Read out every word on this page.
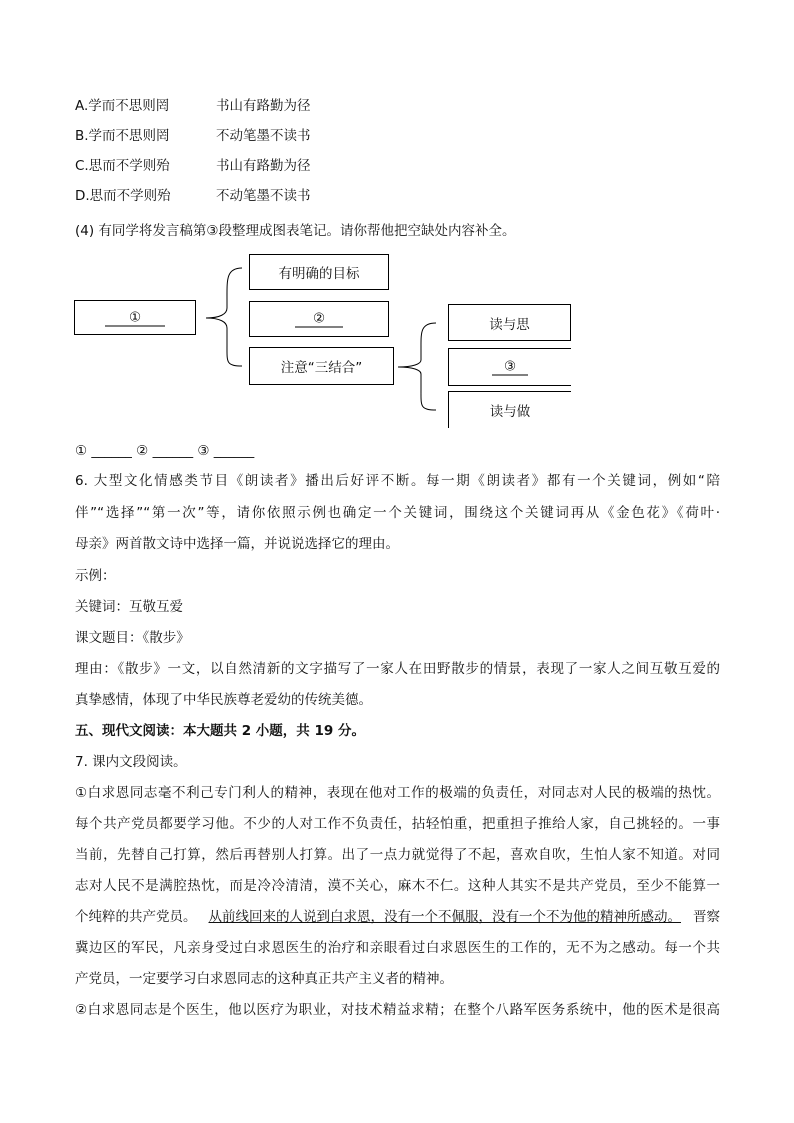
A.学而不思则罔	书山有路勤为径
B.学而不思则罔	不动笔墨不读书
C.思而不学则殆	书山有路勤为径
D.思而不学则殆	不动笔墨不读书
(4) 有同学将发言稿第③段整理成图表笔记。请你帮他把空缺处内容补全。
①
有明确的目标
②
注意“三结合”
读与思
③
读与做
① ______ ② ______ ③ ______
6. 大型文化情感类节目《朗读者》播出后好评不断。每一期《朗读者》都有一个关键词，例如“陪
伴”“选择”“第一次”等，请你依照示例也确定一个关键词，围绕这个关键词再从《金色花》《荷叶·
母亲》两首散文诗中选择一篇，并说说选择它的理由。
示例：
关键词：互敬互爱
课文题目：《散步》
理由：《散步》一文，以自然清新的文字描写了一家人在田野散步的情景，表现了一家人之间互敬互爱的
真挚感情，体现了中华民族尊老爱幼的传统美德。
五、现代文阅读：本大题共 2 小题，共 19 分。
7. 课内文段阅读。
①白求恩同志毫不利己专门利人的精神，表现在他对工作的极端的负责任，对同志对人民的极端的热忱。
每个共产党员都要学习他。不少的人对工作不负责任，拈轻怕重，把重担子推给人家，自己挑轻的。一事
当前，先替自己打算，然后再替别人打算。出了一点力就觉得了不起，喜欢自吹，生怕人家不知道。对同
志对人民不是满腔热忱，而是冷冷清清，漠不关心，麻木不仁。这种人其实不是共产党员，至少不能算一
个纯粹的共产党员。 从前线回来的人说到白求恩，没有一个不佩服，没有一个不为他的精神所感动。 晋察
冀边区的军民，凡亲身受过白求恩医生的治疗和亲眼看过白求恩医生的工作的，无不为之感动。每一个共
产党员，一定要学习白求恩同志的这种真正共产主义者的精神。
②白求恩同志是个医生，他以医疗为职业，对技术精益求精；在整个八路军医务系统中，他的医术是很高
